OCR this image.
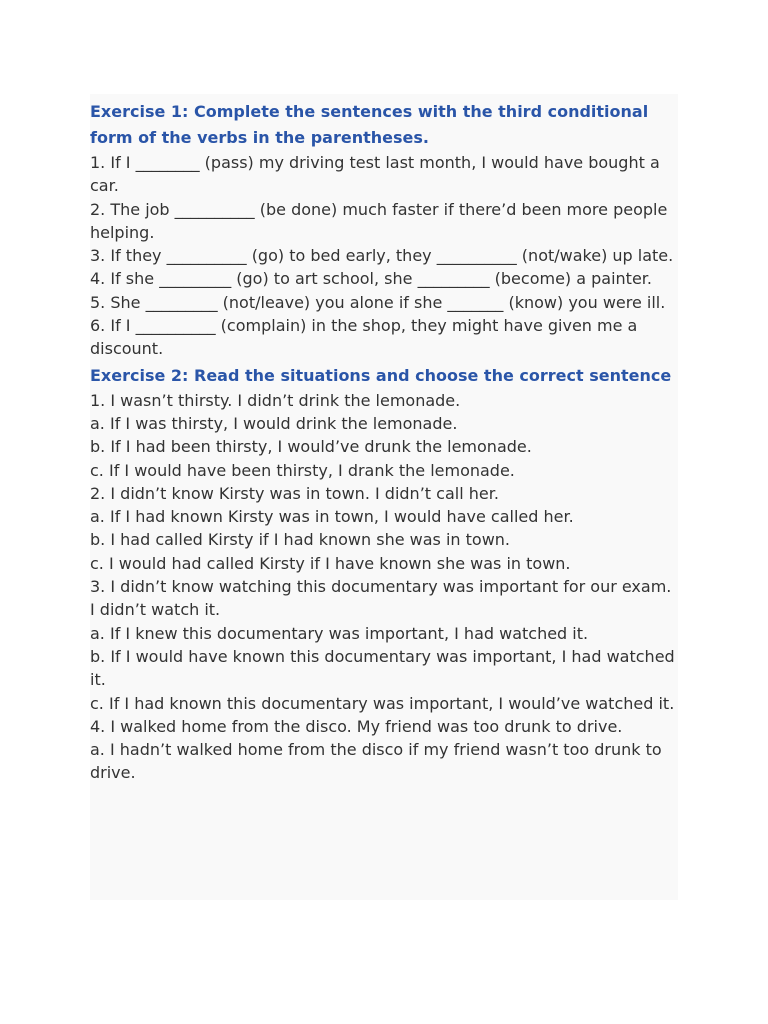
Exercise 1: Complete the sentences with the third conditional form of the verbs in the parentheses.

1. If I ________ (pass) my driving test last month, I would have bought a car.

2. The job __________ (be done) much faster if there’d been more people helping.

3. If they __________ (go) to bed early, they __________ (not/wake) up late.

4. If she _________ (go) to art school, she _________ (become) a painter.

5. She _________ (not/leave) you alone if she _______ (know) you were ill.

6. If I __________ (complain) in the shop, they might have given me a discount.

Exercise 2: Read the situations and choose the correct sentence

1. I wasn’t thirsty. I didn’t drink the lemonade.

a. If I was thirsty, I would drink the lemonade.

b. If I had been thirsty, I would’ve drunk the lemonade.

c. If I would have been thirsty, I drank the lemonade.

2. I didn’t know Kirsty was in town. I didn’t call her.

a. If I had known Kirsty was in town, I would have called her.

b. I had called Kirsty if I had known she was in town.

c. I would had called Kirsty if I have known she was in town.

3. I didn’t know watching this documentary was important for our exam. I didn’t watch it.

a. If I knew this documentary was important, I had watched it.

b. If I would have known this documentary was important, I had watched it.

c. If I had known this documentary was important, I would’ve watched it.

4. I walked home from the disco. My friend was too drunk to drive.

a. I hadn’t walked home from the disco if my friend wasn’t too drunk to drive.
